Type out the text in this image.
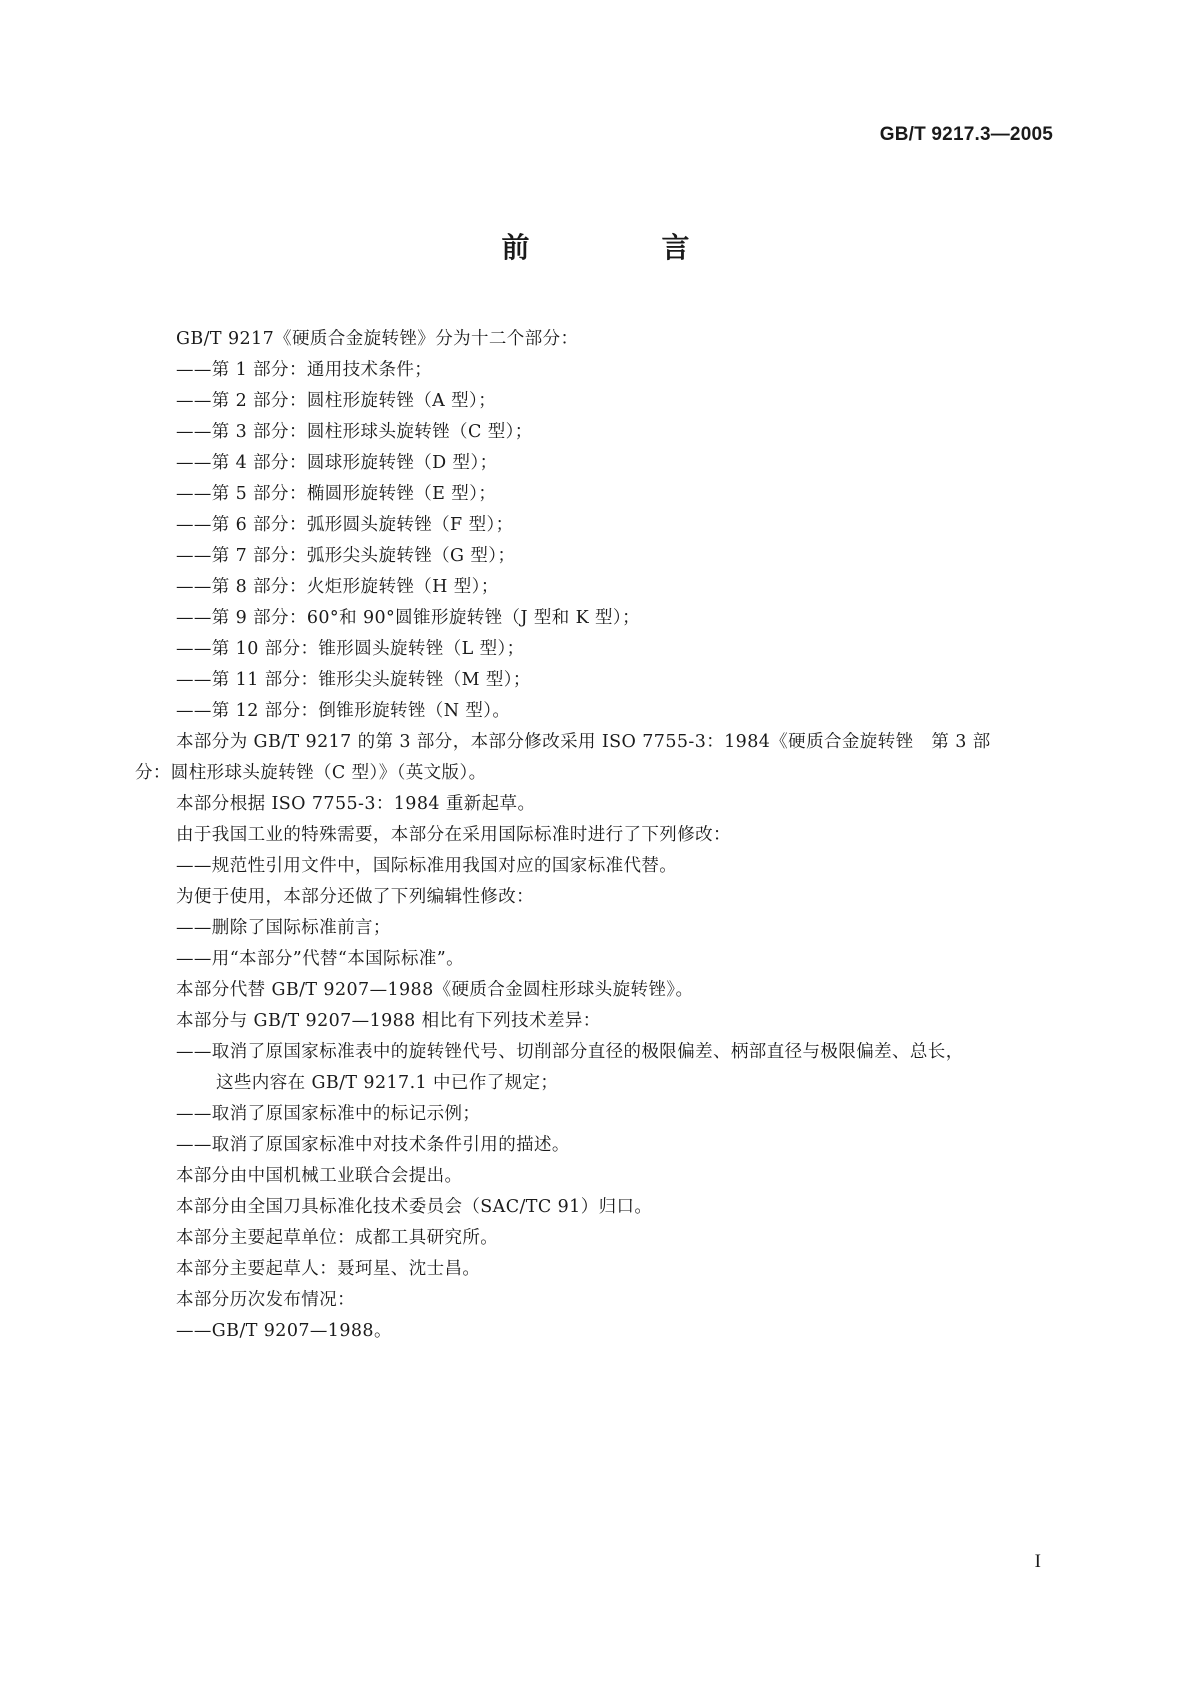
GB/T 9217.3—2005
前　言
GB/T 9217《硬质合金旋转锉》分为十二个部分：
——第 1 部分：通用技术条件；
——第 2 部分：圆柱形旋转锉（A 型）；
——第 3 部分：圆柱形球头旋转锉（C 型）；
——第 4 部分：圆球形旋转锉（D 型）；
——第 5 部分：椭圆形旋转锉（E 型）；
——第 6 部分：弧形圆头旋转锉（F 型）；
——第 7 部分：弧形尖头旋转锉（G 型）；
——第 8 部分：火炬形旋转锉（H 型）；
——第 9 部分：60°和 90°圆锥形旋转锉（J 型和 K 型）；
——第 10 部分：锥形圆头旋转锉（L 型）；
——第 11 部分：锥形尖头旋转锉（M 型）；
——第 12 部分：倒锥形旋转锉（N 型）。
本部分为 GB/T 9217 的第 3 部分，本部分修改采用 ISO 7755-3：1984《硬质合金旋转锉　第 3 部
分：圆柱形球头旋转锉（C 型）》（英文版）。
本部分根据 ISO 7755-3：1984 重新起草。
由于我国工业的特殊需要，本部分在采用国际标准时进行了下列修改：
——规范性引用文件中，国际标准用我国对应的国家标准代替。
为便于使用，本部分还做了下列编辑性修改：
——删除了国际标准前言；
——用“本部分”代替“本国际标准”。
本部分代替 GB/T 9207—1988《硬质合金圆柱形球头旋转锉》。
本部分与 GB/T 9207—1988 相比有下列技术差异：
——取消了原国家标准表中的旋转锉代号、切削部分直径的极限偏差、柄部直径与极限偏差、总长，
这些内容在 GB/T 9217.1 中已作了规定；
——取消了原国家标准中的标记示例；
——取消了原国家标准中对技术条件引用的描述。
本部分由中国机械工业联合会提出。
本部分由全国刀具标准化技术委员会（SAC/TC 91）归口。
本部分主要起草单位：成都工具研究所。
本部分主要起草人：聂珂星、沈士昌。
本部分历次发布情况：
——GB/T 9207—1988。
I
